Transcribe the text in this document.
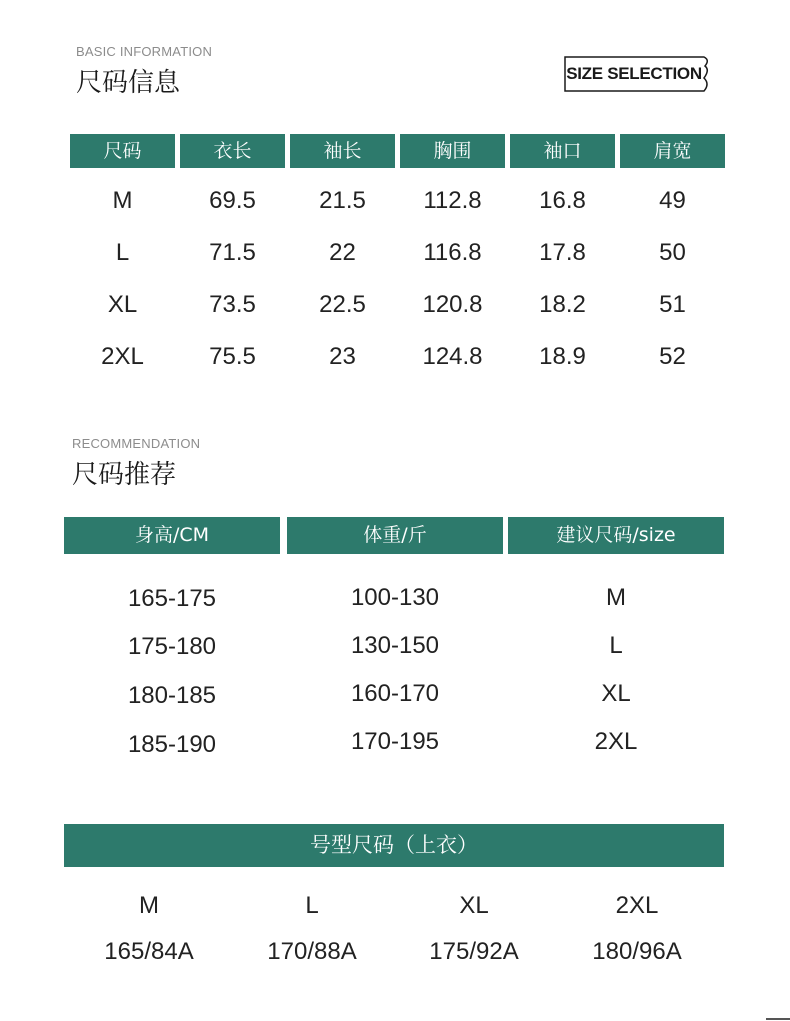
BASIC INFORMATION
尺码信息	SIZE SELECTION
尺码	衣长	袖长	胸围	袖口	肩宽
M	69.5	21.5	112.8	16.8	49
L	71.5	22	116.8	17.8	50
XL	73.5	22.5	120.8	18.2	51
2XL	75.5	23	124.8	18.9	52
RECOMMENDATION
尺码推荐
身高/CM	体重/斤	建议尺码/size
165-175	100-130	M
175-180	130-150	L
180-185	160-170	XL
185-190	170-195	2XL
号型尺码（上衣）
M	L	XL	2XL
165/84A	170/88A	175/92A	180/96A
